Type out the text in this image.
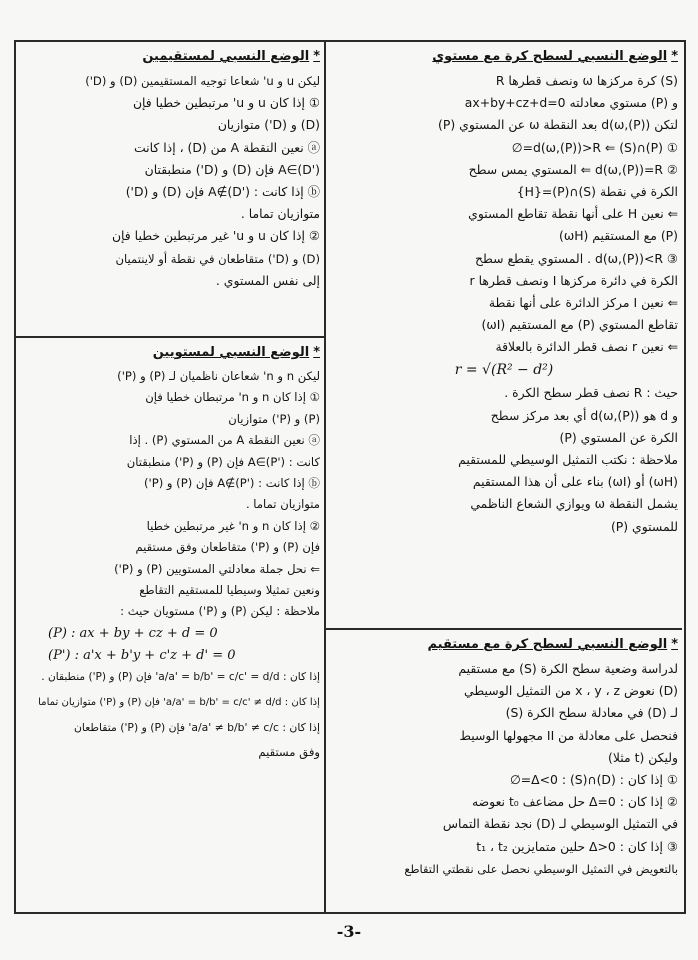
* الوضع النسبي لسطح كرة مع مستوي
(S) كرة مركزها ω ونصف قطرها R
و (P) مستوي معادلته ax+by+cz+d=0
لتكن d(ω,(P)) بعد النقطة ω عن المستوي (P)
① d(ω,(P))>R ⇐ (S)∩(P)=∅
② d(ω,(P))=R ⇐ المستوي يمس سطح
الكرة في نقطة (S)∩(P)={H}
⇐ نعين H على أنها نقطة تقاطع المستوي
(P) مع المستقيم (ωH)
③ d(ω,(P))<R . المستوي يقطع سطح
الكرة في دائرة مركزها I ونصف قطرها r
⇐ نعين I مركز الدائرة على أنها نقطة
تقاطع المستوي (P) مع المستقيم (ωI)
⇐ نعين r نصف قطر الدائرة بالعلاقة
r = √(R² − d²)
حيث : R نصف قطر سطح الكرة .
و d هو d(ω,(P)) أي بعد مركز سطح
الكرة عن المستوي (P)
ملاحظة : نكتب التمثيل الوسيطي للمستقيم
(ωH) أو (ωI) بناء على أن هذا المستقيم
يشمل النقطة ω ويوازي الشعاع الناظمي
للمستوي (P)
* الوضع النسبي لسطح كرة مع مستقيم
لدراسة وضعية سطح الكرة (S) مع مستقيم
(D) نعوض x ، y ، z من التمثيل الوسيطي
لـ (D) في معادلة سطح الكرة (S)
فنحصل على معادلة من II مجهولها الوسيط
وليكن (t مثلا)
① إذا كان : Δ<0 : (S)∩(D)=∅
② إذا كان : Δ=0 حل مضاعف t₀ نعوضه
في التمثيل الوسيطي لـ (D) نجد نقطة التماس
③ إذا كان : Δ>0 حلين متمايزين t₁ ، t₂
بالتعويض في التمثيل الوسيطي نحصل على نقطتي التقاطع
* الوضع النسبي لمستقيمين
ليكن u و u' شعاعا توجيه المستقيمين (D) و (D')
① إذا كان u و u' مرتبطين خطيا فإن
(D) و (D') متوازيان
ⓐ نعين النقطة A من (D) ، إذا كانت
A∈(D') فإن (D) و (D') منطبقتان
ⓑ إذا كانت : A∉(D') فإن (D) و (D')
متوازيان تماما .
② إذا كان u و u' غير مرتبطين خطيا فإن
(D) و (D') متقاطعان في نقطة أو لاينتميان
إلى نفس المستوي .
* الوضع النسبي لمستويين
ليكن n و n' شعاعان ناظميان لـ (P) و (P')
① إذا كان n و n' مرتبطان خطيا فإن
(P) و (P') متوازيان
ⓐ نعين النقطة A من المستوي (P) . إذا
كانت : A∈(P') فإن (P) و (P') منطبقتان
ⓑ إذا كانت : A∉(P') فإن (P) و (P')
متوازيان تماما .
② إذا كان n و n' غير مرتبطين خطيا
فإن (P) و (P') متقاطعان وفق مستقيم
⇐ نحل جملة معادلتي المستويين (P) و (P')
ونعين تمثيلا وسيطيا للمستقيم التقاطع
ملاحظة : ليكن (P) و (P') مستويان حيث :
(P) : ax + by + cz + d = 0
(P') : a'x + b'y + c'z + d' = 0
إذا كان : a/a' = b/b' = c/c' = d/d' فإن (P) و (P') منطبقان .
إذا كان : a/a' = b/b' = c/c' ≠ d/d' فإن (P) و (P') متوازيان تماما
إذا كان : a/a' ≠ b/b' ≠ c/c' فإن (P) و (P') متقاطعان
وفق مستقيم
-3-
